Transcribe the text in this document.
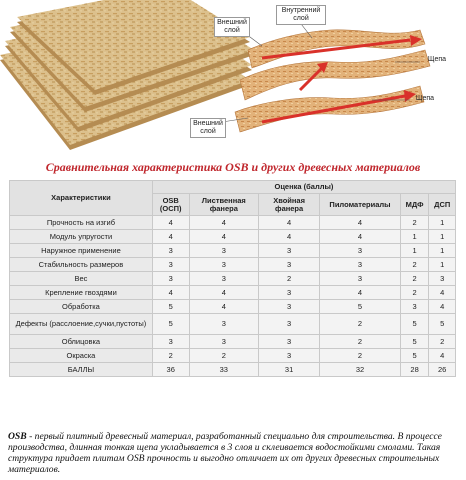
Внешний слой
Внутренний слой
Щепа
Щепа
Внешний слой
Сравнительная характеристика OSB и других древесных материалов
Характеристики	Оценка (баллы)					
	OSB (ОСП)	Лиственная фанера	Хвойная фанера	Пиломатериалы	МДФ	ДСП
Прочность на изгиб	4	4	4	4	2	1
Модуль упругости	4	4	4	4	1	1
Наружное применение	3	3	3	3	1	1
Стабильность размеров	3	3	3	3	2	1
Вес	3	3	2	3	2	3
Крепление гвоздями	4	4	3	4	2	4
Обработка	5	4	3	5	3	4
Дефекты (расслоение,сучки,пустоты)	5	3	3	2	5	5
Облицовка	3	3	3	2	5	2
Окраска	2	2	3	2	5	4
БАЛЛЫ	36	33	31	32	28	26
OSB - первый плитный древесный материал, разработанный специально для строительства. В процессе производства, длинная тонкая щепа укладывается в 3 слоя и склеивается водостойкими смолами. Такая структура придает плитам OSB прочность и выгодно отличает их от других древесных строительных материалов.
